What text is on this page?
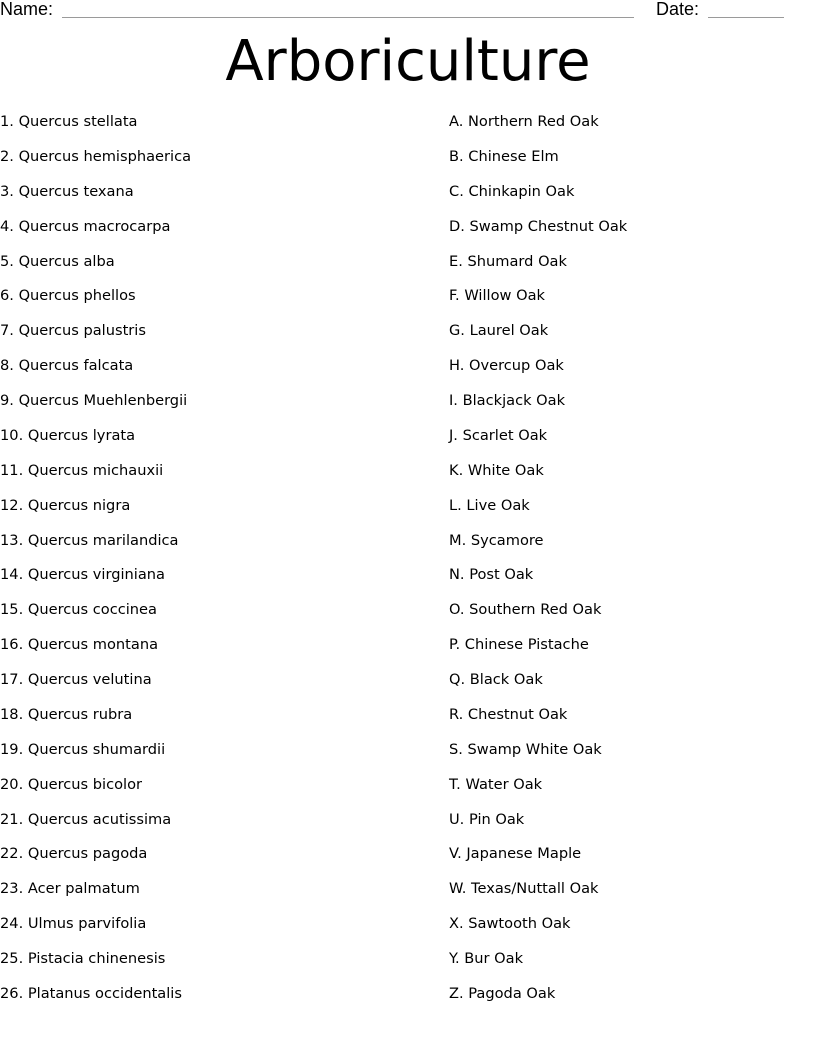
Name:	Date:
Arboriculture
1. Quercus stellata
2. Quercus hemisphaerica
3. Quercus texana
4. Quercus macrocarpa
5. Quercus alba
6. Quercus phellos
7. Quercus palustris
8. Quercus falcata
9. Quercus Muehlenbergii
10. Quercus lyrata
11. Quercus michauxii
12. Quercus nigra
13. Quercus marilandica
14. Quercus virginiana
15. Quercus coccinea
16. Quercus montana
17. Quercus velutina
18. Quercus rubra
19. Quercus shumardii
20. Quercus bicolor
21. Quercus acutissima
22. Quercus pagoda
23. Acer palmatum
24. Ulmus parvifolia
25. Pistacia chinenesis
26. Platanus occidentalis
A. Northern Red Oak
B. Chinese Elm
C. Chinkapin Oak
D. Swamp Chestnut Oak
E. Shumard Oak
F. Willow Oak
G. Laurel Oak
H. Overcup Oak
I. Blackjack Oak
J. Scarlet Oak
K. White Oak
L. Live Oak
M. Sycamore
N. Post Oak
O. Southern Red Oak
P. Chinese Pistache
Q. Black Oak
R. Chestnut Oak
S. Swamp White Oak
T. Water Oak
U. Pin Oak
V. Japanese Maple
W. Texas/Nuttall Oak
X. Sawtooth Oak
Y. Bur Oak
Z. Pagoda Oak
